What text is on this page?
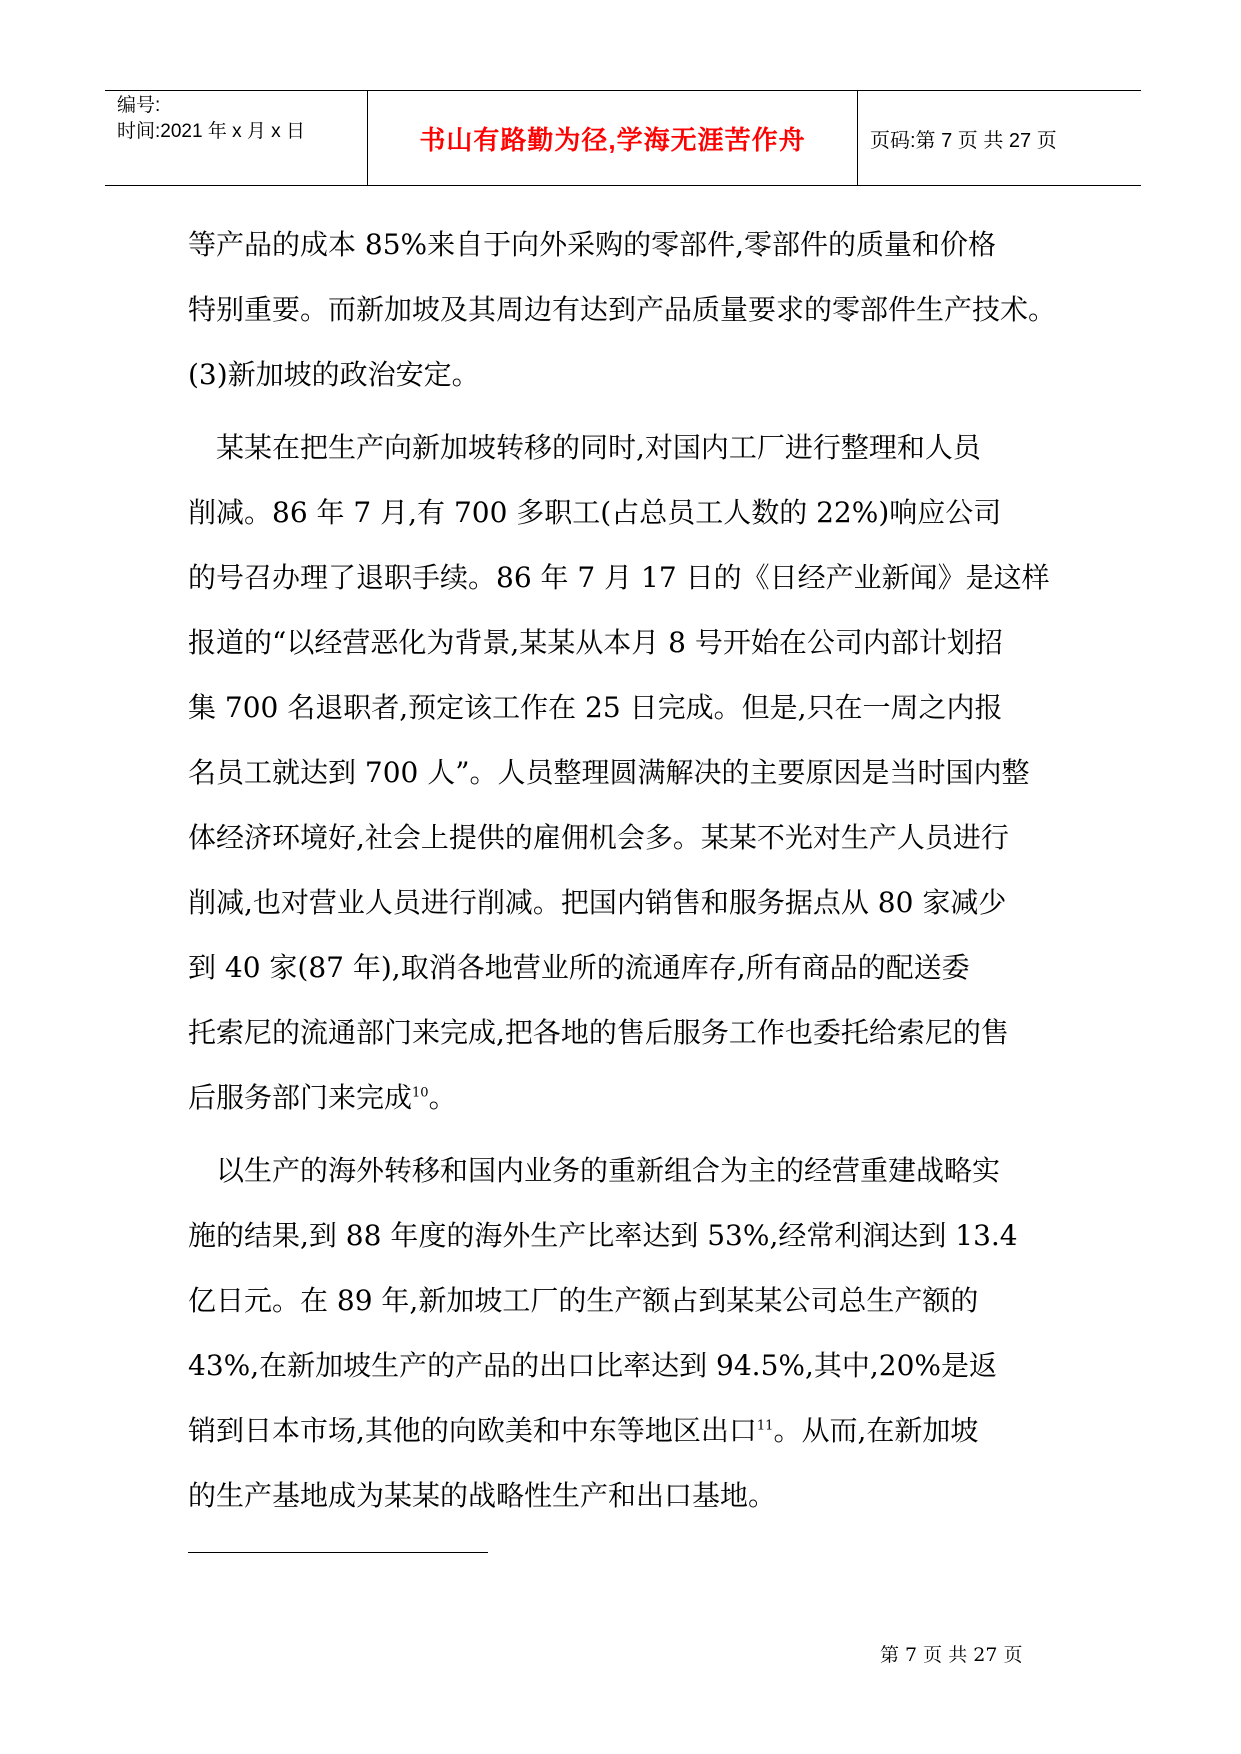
编号:
时间:2021 年 x 月 x 日	书山有路勤为径,学海无涯苦作舟	页码:第 7 页 共 27 页
等产品的成本 85%来自于向外采购的零部件,零部件的质量和价格
特别重要。而新加坡及其周边有达到产品质量要求的零部件生产技术。
(3)新加坡的政治安定。
某某在把生产向新加坡转移的同时,对国内工厂进行整理和人员
削减。86 年 7 月,有 700 多职工(占总员工人数的 22%)响应公司
的号召办理了退职手续。86 年 7 月 17 日的《日经产业新闻》是这样
报道的“以经营恶化为背景,某某从本月 8 号开始在公司内部计划招
集 700 名退职者,预定该工作在 25 日完成。但是,只在一周之内报
名员工就达到 700 人”。人员整理圆满解决的主要原因是当时国内整
体经济环境好,社会上提供的雇佣机会多。某某不光对生产人员进行
削减,也对营业人员进行削减。把国内销售和服务据点从 80 家减少
到 40 家(87 年),取消各地营业所的流通库存,所有商品的配送委
托索尼的流通部门来完成,把各地的售后服务工作也委托给索尼的售
后服务部门来完成$^{10}$。
以生产的海外转移和国内业务的重新组合为主的经营重建战略实
施的结果,到 88 年度的海外生产比率达到 53%,经常利润达到 13.4
亿日元。在 89 年,新加坡工厂的生产额占到某某公司总生产额的
43%,在新加坡生产的产品的出口比率达到 94.5%,其中,20%是返
销到日本市场,其他的向欧美和中东等地区出口$^{11}$。从而,在新加坡
的生产基地成为某某的战略性生产和出口基地。
第 7 页 共 27 页
